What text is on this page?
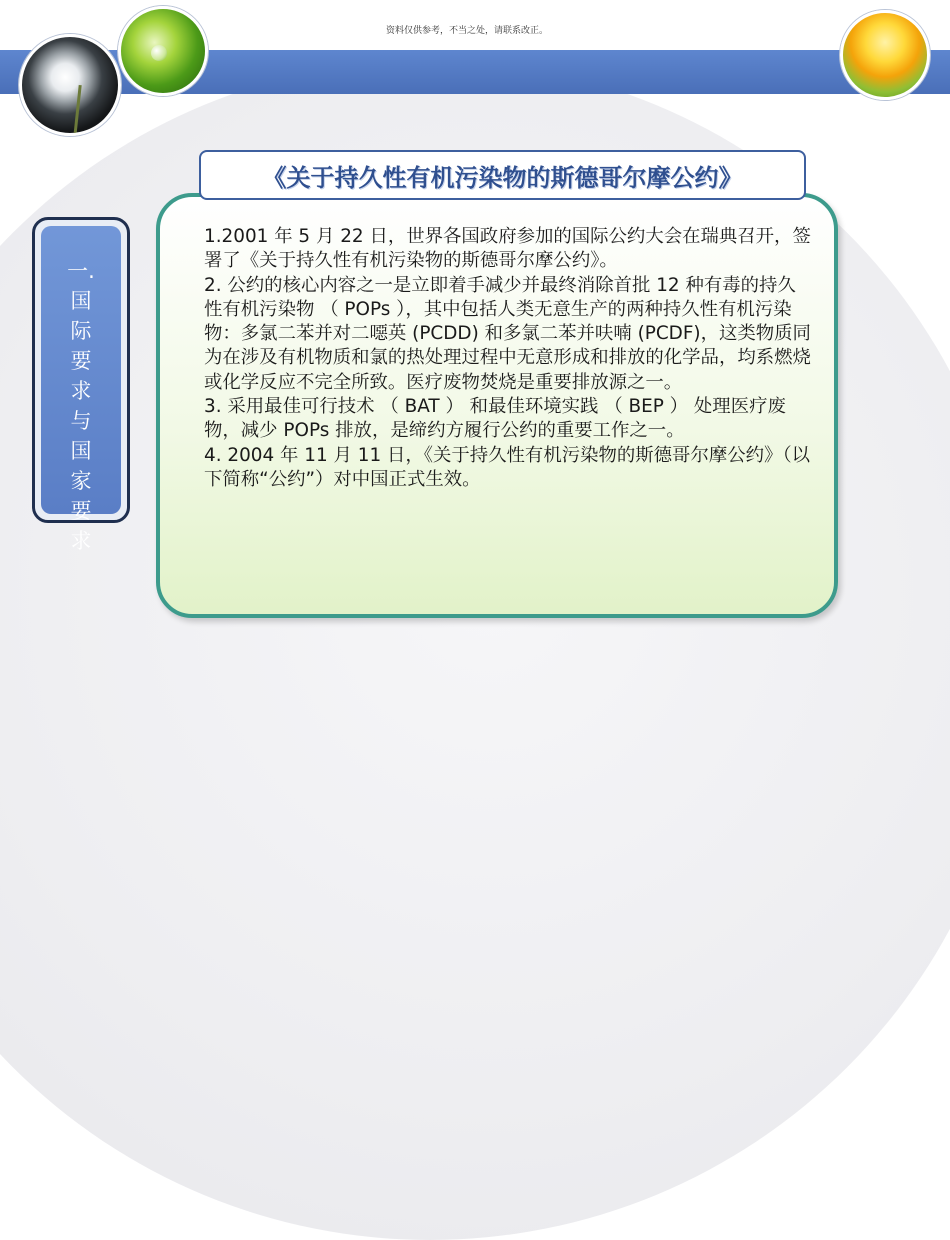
资料仅供参考，不当之处，请联系改正。
一.
国
际
要
求
与
国
家
要
求

1.2001 年 5 月 22 日，世界各国政府参加的国际公约大会在瑞典召开，签署了《关于持久性有机污染物的斯德哥尔摩公约》。

2. 公约的核心内容之一是立即着手减少并最终消除首批 12 种有毒的持久性有机污染物 （ POPs ），其中包括人类无意生产的两种持久性有机污染物：多氯二苯并对二噁英 (PCDD) 和多氯二苯并呋喃 (PCDF)，这类物质同为在涉及有机物质和氯的热处理过程中无意形成和排放的化学品，均系燃烧或化学反应不完全所致。医疗废物焚烧是重要排放源之一。

3. 采用最佳可行技术 （ BAT ） 和最佳环境实践 （ BEP ） 处理医疗废物，减少 POPs 排放，是缔约方履行公约的重要工作之一。

4. 2004 年 11 月 11 日，《关于持久性有机污染物的斯德哥尔摩公约》（以下简称“公约”）对中国正式生效。

《关于持久性有机污染物的斯德哥尔摩公约》
